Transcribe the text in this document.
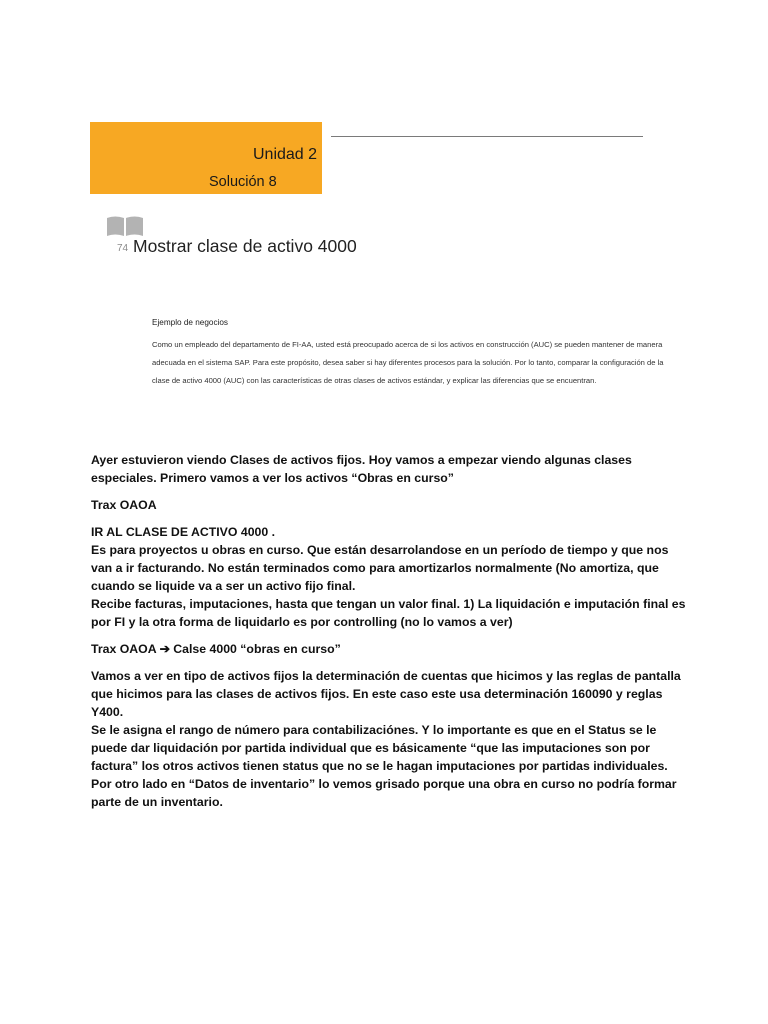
Unidad 2
Solución 8
74 Mostrar clase de activo 4000
Ejemplo de negocios
Como un empleado del departamento de FI-AA, usted está preocupado acerca de si los activos en construcción (AUC) se pueden mantener de manera adecuada en el sistema SAP. Para este propósito, desea saber si hay diferentes procesos para la solución. Por lo tanto, comparar la configuración de la clase de activo 4000 (AUC) con las características de otras clases de activos estándar, y explicar las diferencias que se encuentran.

Ayer estuvieron viendo Clases de activos fijos. Hoy vamos a empezar viendo algunas clases especiales. Primero vamos a ver los activos “Obras en curso”

Trax OAOA

IR AL CLASE DE ACTIVO 4000 .
Es para proyectos u obras en curso. Que están desarrolandose en un período de tiempo y que nos van a ir facturando. No están terminados como para amortizarlos normalmente (No amortiza, que cuando se liquide va a ser un activo fijo final.
Recibe facturas, imputaciones, hasta que tengan un valor final. 1) La liquidación e imputación final es por FI y la otra forma de liquidarlo es por controlling (no lo vamos a ver)

Trax OAOA ➔ Calse 4000 “obras en curso”

Vamos a ver en tipo de activos fijos la determinación de cuentas que hicimos y las reglas de pantalla que hicimos para las clases de activos fijos. En este caso este usa determinación 160090 y reglas Y400.
Se le asigna el rango de número para contabilizaciónes. Y lo importante es que en el Status se le puede dar liquidación por partida individual que es básicamente “que las imputaciones son por factura” los otros activos tienen status que no se le hagan imputaciones por partidas individuales.
Por otro lado en “Datos de inventario” lo vemos grisado porque una obra en curso no podría formar parte de un inventario.
